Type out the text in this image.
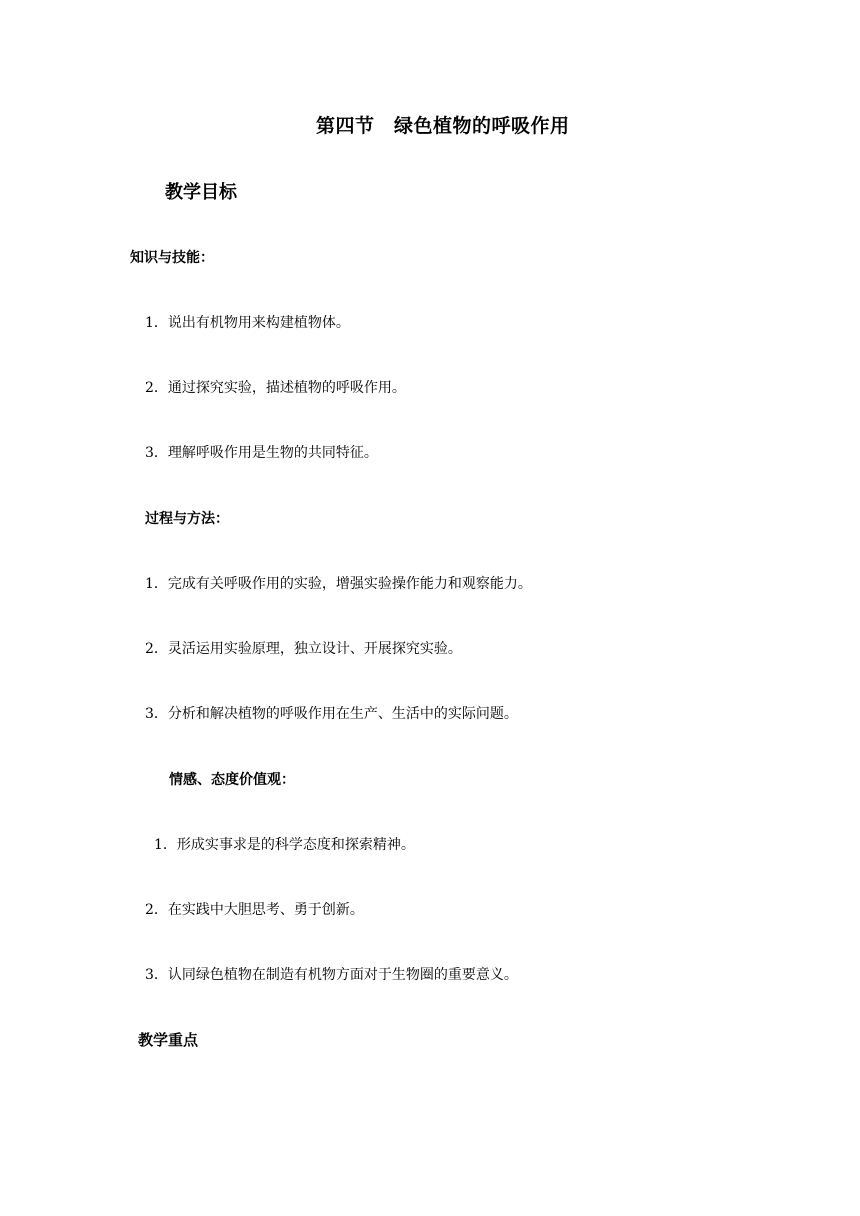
第四节　绿色植物的呼吸作用
教学目标
知识与技能：
1．说出有机物用来构建植物体。
2．通过探究实验，描述植物的呼吸作用。
3．理解呼吸作用是生物的共同特征。
过程与方法：
1．完成有关呼吸作用的实验，增强实验操作能力和观察能力。
2．灵活运用实验原理，独立设计、开展探究实验。
3．分析和解决植物的呼吸作用在生产、生活中的实际问题。
情感、态度价值观：
1．形成实事求是的科学态度和探索精神。
2．在实践中大胆思考、勇于创新。
3．认同绿色植物在制造有机物方面对于生物圈的重要意义。
教学重点
